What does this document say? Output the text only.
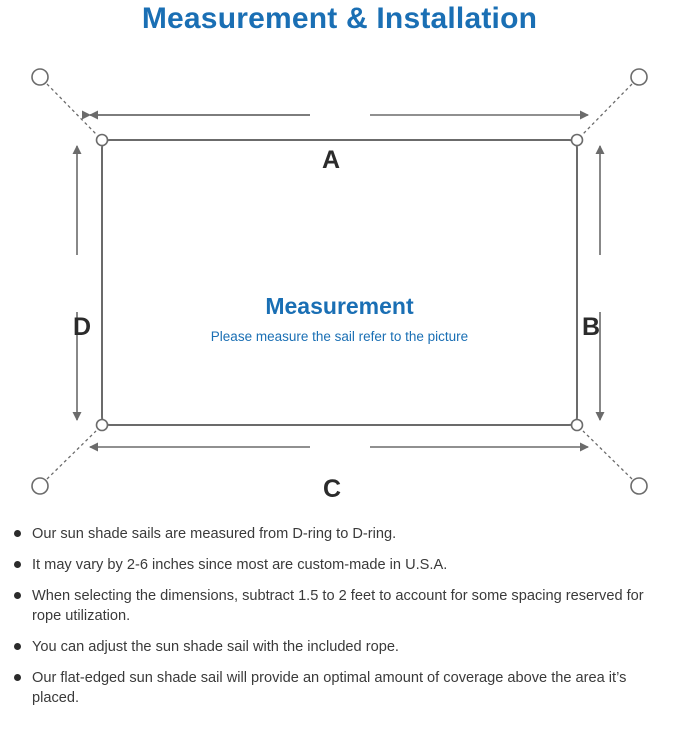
Measurement & Installation
A
B
C
D
Measurement
Please measure the sail refer to the picture
Our sun shade sails are measured from D-ring to D-ring.
It may vary by 2-6 inches since most are custom-made in U.S.A.
When selecting the dimensions, subtract 1.5 to 2 feet to account for some spacing reserved for rope utilization.
You can adjust the sun shade sail with the included rope.
Our flat-edged sun shade sail will provide an optimal amount of coverage above the area it’s placed.
